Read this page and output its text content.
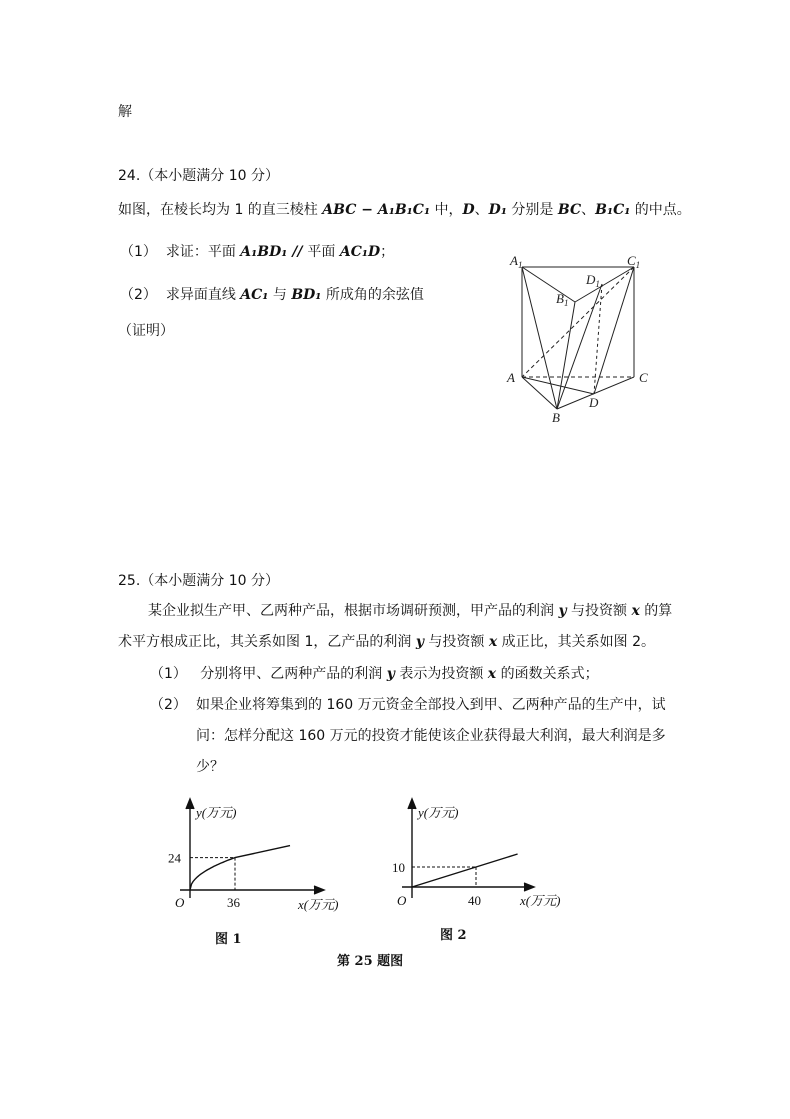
解
24.（本小题满分 10 分）
如图，在棱长均为 1 的直三棱柱 ABC − A₁B₁C₁ 中，D、D₁ 分别是 BC、B₁C₁ 的中点。
（1） 求证：平面 A₁BD₁ // 平面 AC₁D；
（2） 求异面直线 AC₁ 与 BD₁ 所成角的余弦值
（证明）
$A_1$	$C_1$
$D_1$
$B_1$
A	C
D
B
25.（本小题满分 10 分）
某企业拟生产甲、乙两种产品，根据市场调研预测，甲产品的利润 y 与投资额 x 的算
术平方根成正比，其关系如图 1，乙产品的利润 y 与投资额 x 成正比，其关系如图 2。
（1） 分别将甲、乙两种产品的利润 y 表示为投资额 x 的函数关系式；
（2） 如果企业将筹集到的 160 万元资金全部投入到甲、乙两种产品的生产中，试
问：怎样分配这 160 万元的投资才能使该企业获得最大利润，最大利润是多
少？
y(万元)
24
36
O	x(万元)
图 1
y(万元)
10
40
O	x(万元)
图 2
第 25 题图
